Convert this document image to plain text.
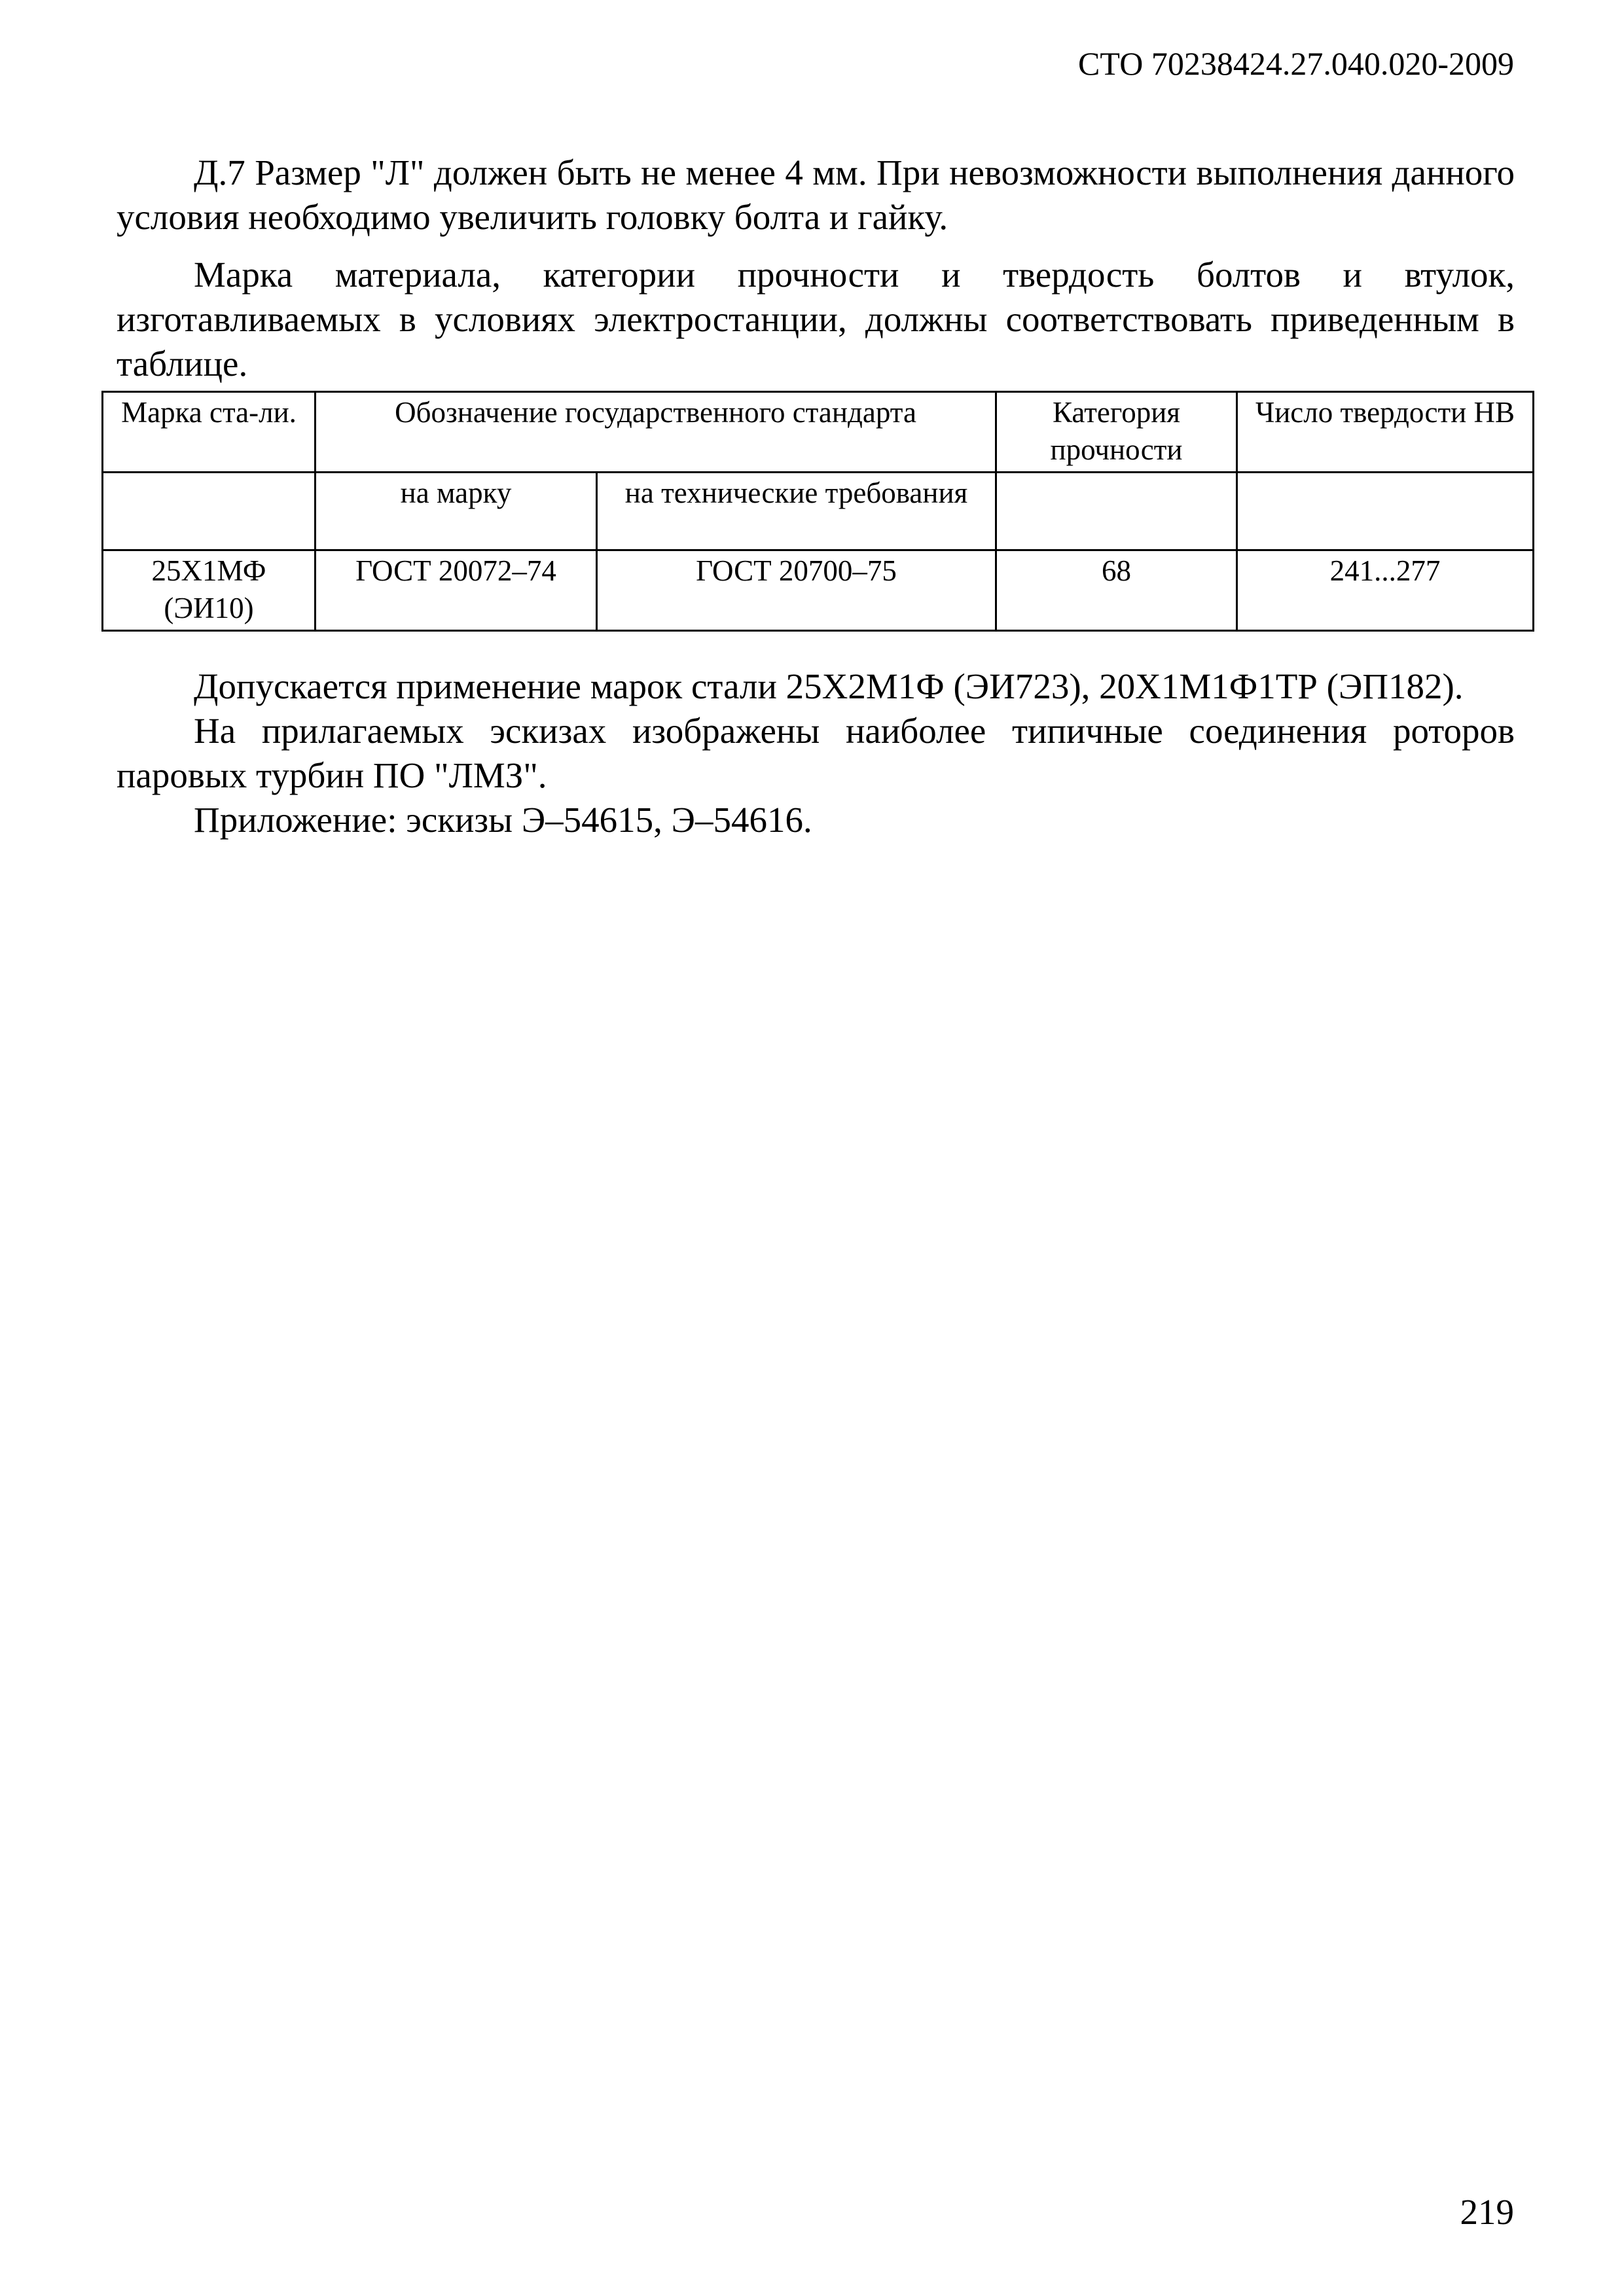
СТО 70238424.27.040.020-2009

Д.7 Размер "Л" должен быть не менее 4 мм. При невозможности выполнения данного условия необходимо увеличить головку болта и гайку.

Марка материала, категории прочности и твердость болтов и втулок, изготавливаемых в условиях электростанции, должны соответствовать приведенным в таблице.

Марка ста-ли.	Обозначение государственного стандарта		Категория прочности	Число твердости НВ
	на марку	на технические требования		
25Х1МФ (ЭИ10)	ГОСТ 20072–74	ГОСТ 20700–75	68	241...277

Допускается применение марок стали 25Х2М1Ф (ЭИ723), 20Х1М1Ф1ТР (ЭП182).

На прилагаемых эскизах изображены наиболее типичные соединения роторов паровых турбин ПО "ЛМЗ".

Приложение: эскизы Э–54615, Э–54616.

219
